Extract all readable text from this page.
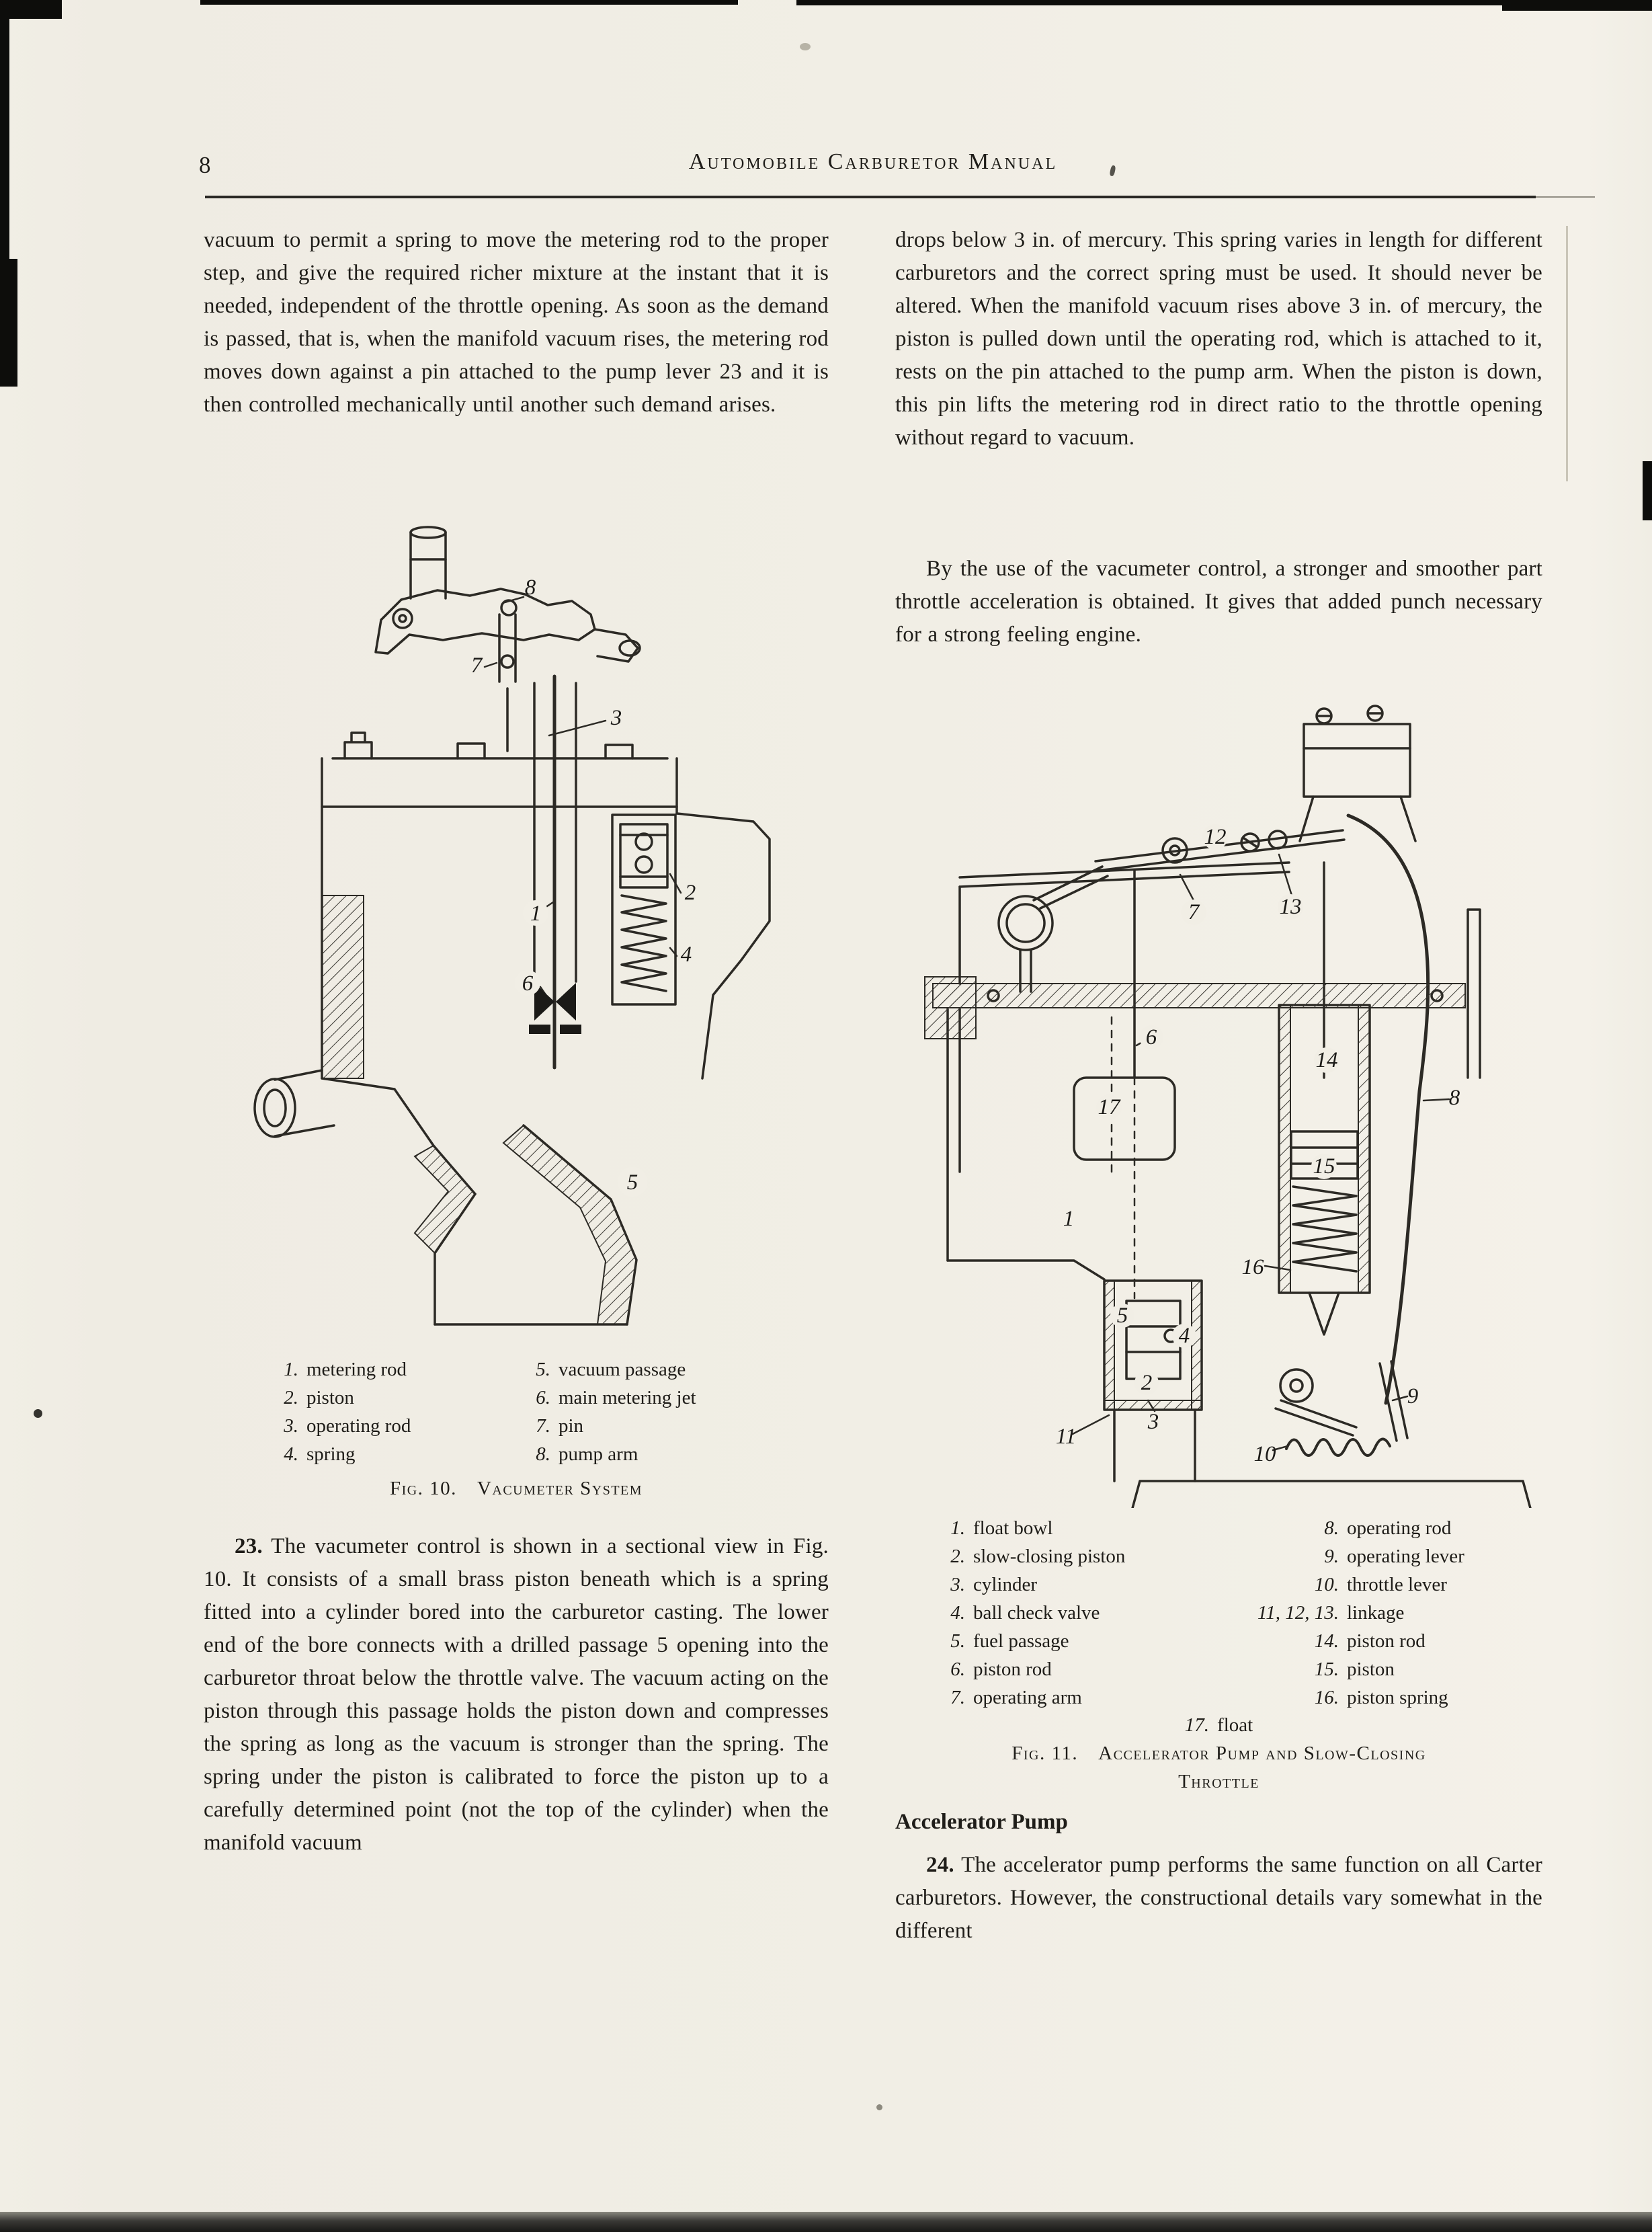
8	Automobile Carburetor Manual
vacuum to permit a spring to move the metering rod to the proper step, and give the required richer mixture at the instant that it is needed, independent of the throttle opening. As soon as the demand is passed, that is, when the manifold vacuum rises, the metering rod moves down against a pin attached to the pump lever 23 and it is then controlled mechanically until another such demand arises.
1
2
3
4
5
6
7
8
1. metering rod
2. piston
3. operating rod
4. spring
5. vacuum passage
6. main metering jet
7. pin
8. pump arm
Fig. 10. Vacumeter System
23. The vacumeter control is shown in a sectional view in Fig. 10. It consists of a small brass piston beneath which is a spring fitted into a cylinder bored into the carburetor casting. The lower end of the bore connects with a drilled passage 5 opening into the carburetor throat below the throttle valve. The vacuum acting on the piston through this passage holds the piston down and compresses the spring as long as the vacuum is stronger than the spring. The spring under the piston is calibrated to force the piston up to a carefully determined point (not the top of the cylinder) when the manifold vacuum
drops below 3 in. of mercury. This spring varies in length for different carburetors and the correct spring must be used. It should never be altered. When the manifold vacuum rises above 3 in. of mercury, the piston is pulled down until the operating rod, which is attached to it, rests on the pin attached to the pump arm. When the piston is down, this pin lifts the metering rod in direct ratio to the throttle opening without regard to vacuum.
By the use of the vacumeter control, a stronger and smoother part throttle acceleration is obtained. It gives that added punch necessary for a strong feeling engine.
1
2
3
4
5
6
7
8
9
10
11
12
13
14
15
16
17
1. float bowl
2. slow-closing piston
3. cylinder
4. ball check valve
5. fuel passage
6. piston rod
7. operating arm
8. operating rod
9. operating lever
10. throttle lever
11, 12, 13. linkage
14. piston rod
15. piston
16. piston spring
17. float
Fig. 11. Accelerator Pump and Slow-Closing
Throttle
Accelerator Pump
24. The accelerator pump performs the same function on all Carter carburetors. However, the constructional details vary somewhat in the different
